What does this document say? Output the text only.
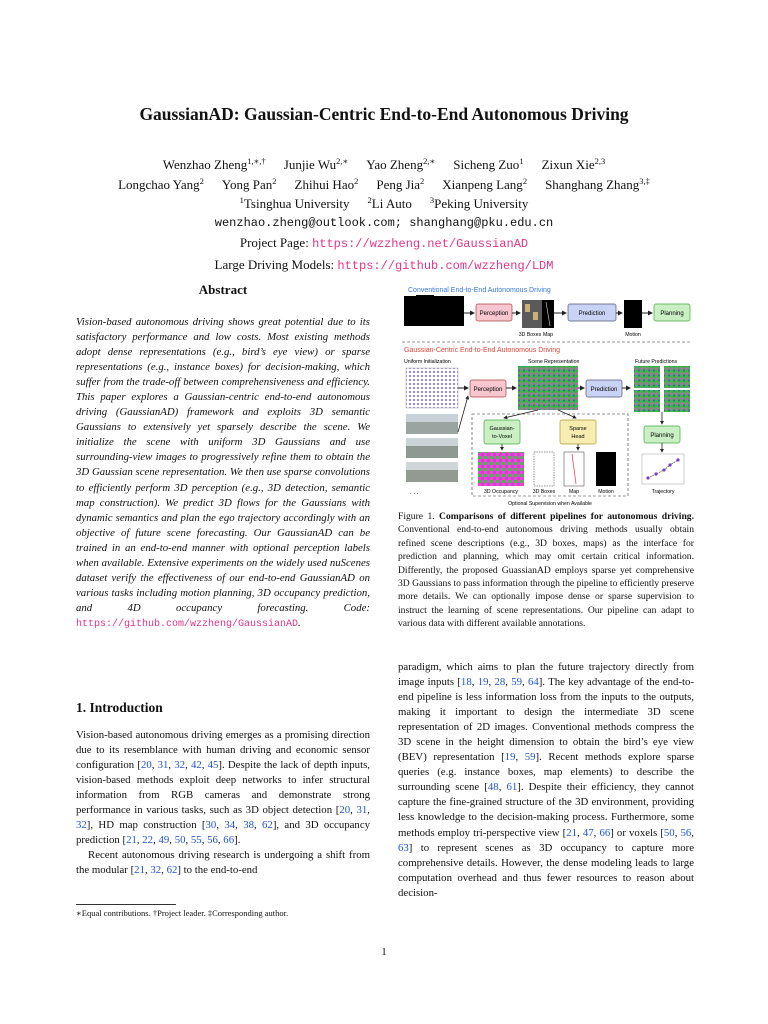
GaussianAD: Gaussian-Centric End-to-End Autonomous Driving
Wenzhao Zheng$^{1,∗,\dagger}$ Junjie $Wu^{2,∗}$ Yao Zheng$^{2,∗}$ Sicheng Zuo$^1$ Zixun Xie$^{2,3}$
Longchao Yang$^2$ Yong Pan$^2$ Zhihui Hao$^2$ Peng Jia$^2$ Xianpeng Lang$^2$ Shanghang Zhang$^{3,\ddagger}$
$^1$Tsinghua University $^2$Li Auto $^3$Peking University
wenzhao.zheng@outlook.com; shanghang@pku.edu.cn
Project Page: https://wzzheng.net/GaussianAD
Large Driving Models: https://github.com/wzzheng/LDM
Abstract
Vision-based autonomous driving shows great potential due to its satisfactory performance and low costs. Most existing methods adopt dense representations (e.g., bird’s eye view) or sparse representations (e.g., instance boxes) for decision-making, which suffer from the trade-off between comprehensiveness and efficiency. This paper explores a Gaussian-centric end-to-end autonomous driving (GaussianAD) framework and exploits 3D semantic Gaussians to extensively yet sparsely describe the scene. We initialize the scene with uniform 3D Gaussians and use surrounding-view images to progressively refine them to obtain the 3D Gaussian scene representation. We then use sparse convolutions to efficiently perform 3D perception (e.g., 3D detection, semantic map construction). We predict 3D flows for the Gaussians with dynamic semantics and plan the ego trajectory accordingly with an objective of future scene forecasting. Our GaussianAD can be trained in an end-to-end manner with optional perception labels when available. Extensive experiments on the widely used nuScenes dataset verify the effectiveness of our end-to-end GaussianAD on various tasks including motion planning, 3D occupancy prediction, and 4D occupancy forecasting. Code: https://github.com/wzzheng/GaussianAD.
1. Introduction

Vision-based autonomous driving emerges as a promising direction due to its resemblance with human driving and economic sensor configuration [20, 31, 32, 42, 45]. Despite the lack of depth inputs, vision-based methods exploit deep networks to infer structural information from RGB cameras and demonstrate strong performance in various tasks, such as 3D object detection [20, 31, 32], HD map construction [30, 34, 38, 62], and 3D occupancy prediction [21, 22, 49, 50, 55, 56, 66].

Recent autonomous driving research is undergoing a shift from the modular [21, 32, 62] to the end-to-end

∗Equal contributions. †Project leader. ‡Corresponding author.
Conventional End-to-End Autonomous Driving
Perception	Prediction	Planning
3D Boxes Map	Motion
Gaussian-Centric End-to-End Autonomous Driving
Uniform Initialization	Scene Representation	Future Predictions
Perception	Prediction
. . .
Gaussian-
to-Voxel
Sparse
Head
3D Occupancy	3D Boxes	Map	Motion
Optional Supervision when Available
Planning
Trajectory
Figure 1. Comparisons of different pipelines for autonomous driving. Conventional end-to-end autonomous driving methods usually obtain refined scene descriptions (e.g., 3D boxes, maps) as the interface for prediction and planning, which may omit certain critical information. Differently, the proposed GuassianAD employs sparse yet comprehensive 3D Gaussians to pass information through the pipeline to efficiently preserve more details. We can optionally impose dense or sparse supervision to instruct the learning of scene representations. Our pipeline can adapt to various data with different available annotations.
paradigm, which aims to plan the future trajectory directly from image inputs [18, 19, 28, 59, 64]. The key advantage of the end-to-end pipeline is less information loss from the inputs to the outputs, making it important to design the intermediate 3D scene representation of 2D images. Conventional methods compress the 3D scene in the height dimension to obtain the bird’s eye view (BEV) representation [19, 59]. Recent methods explore sparse queries (e.g. instance boxes, map elements) to describe the surrounding scene [48, 61]. Despite their efficiency, they cannot capture the fine-grained structure of the 3D environment, providing less knowledge to the decision-making process. Furthermore, some methods employ tri-perspective view [21, 47, 66] or voxels [50, 56, 63] to represent scenes as 3D occupancy to capture more comprehensive details. However, the dense modeling leads to large computation overhead and thus fewer resources to reason about decision-
1
